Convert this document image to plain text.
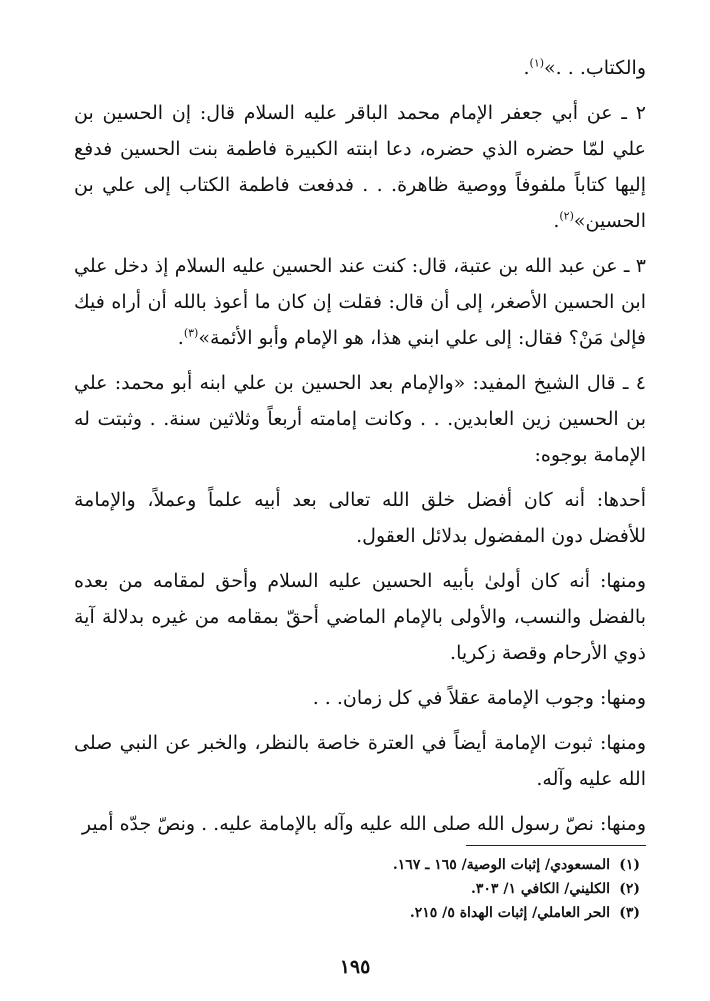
والكتاب. . .»$^{(١)}$.

٢ ـ عن أبي جعفر الإمام محمد الباقر عليه السلام قال: إن الحسين بن علي لمّا حضره الذي حضره، دعا ابنته الكبيرة فاطمة بنت الحسين فدفع إليها كتاباً ملفوفاً ووصية ظاهرة. . . فدفعت فاطمة الكتاب إلى علي بن الحسين»$^{(٢)}$.

٣ ـ عن عبد الله بن عتبة، قال: كنت عند الحسين عليه السلام إذ دخل علي ابن الحسين الأصغر، إلى أن قال: فقلت إن كان ما أعوذ بالله أن أراه فيك فإلىٰ مَنْ؟ فقال: إلى علي ابني هذا، هو الإمام وأبو الأئمة»$^{(٣)}$.

٤ ـ قال الشيخ المفيد: «والإمام بعد الحسين بن علي ابنه أبو محمد: علي بن الحسين زين العابدين. . . وكانت إمامته أربعاً وثلاثين سنة. . وثبتت له الإمامة بوجوه:

أحدها: أنه كان أفضل خلق الله تعالى بعد أبيه علماً وعملاً، والإمامة للأفضل دون المفضول بدلائل العقول.

ومنها: أنه كان أولىٰ بأبيه الحسين عليه السلام وأحق لمقامه من بعده بالفضل والنسب، والأولى بالإمام الماضي أحقّ بمقامه من غيره بدلالة آية ذوي الأرحام وقصة زكريا.

ومنها: وجوب الإمامة عقلاً في كل زمان. . .

ومنها: ثبوت الإمامة أيضاً في العترة خاصة بالنظر، والخبر عن النبي صلى الله عليه وآله.

ومنها: نصّ رسول الله صلى الله عليه وآله بالإمامة عليه. . ونصّ جدّه أمير

(١)المسعودي/ إثبات الوصية/ ١٦٥ ـ ١٦٧.
(٢)الكليني/ الكافي ١/ ٣٠٣.
(٣)الحر العاملي/ إثبات الهداة ٥/ ٢١٥.
١٩٥
